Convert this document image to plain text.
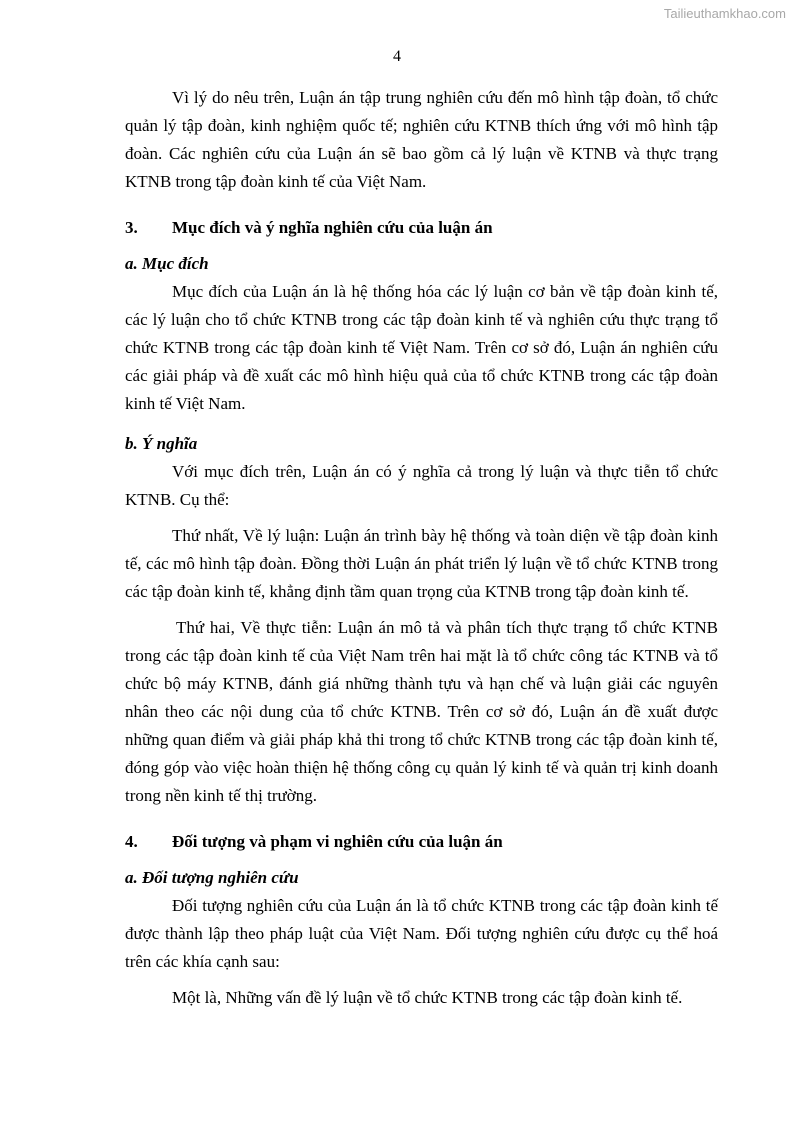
Tailieuthamkhao.com
4

Vì lý do nêu trên, Luận án tập trung nghiên cứu đến mô hình tập đoàn, tổ chức quản lý tập đoàn, kinh nghiệm quốc tế; nghiên cứu KTNB thích ứng với mô hình tập đoàn. Các nghiên cứu của Luận án sẽ bao gồm cả lý luận về KTNB và thực trạng KTNB trong tập đoàn kinh tế của Việt Nam.

3.	Mục đích và ý nghĩa nghiên cứu của luận án

a. Mục đích

Mục đích của Luận án là hệ thống hóa các lý luận cơ bản về tập đoàn kinh tế, các lý luận cho tổ chức KTNB trong các tập đoàn kinh tế và nghiên cứu thực trạng tổ chức KTNB trong các tập đoàn kinh tế Việt Nam. Trên cơ sở đó, Luận án nghiên cứu các giải pháp và đề xuất các mô hình hiệu quả của tổ chức KTNB trong các tập đoàn kinh tế Việt Nam.

b. Ý nghĩa

Với mục đích trên, Luận án có ý nghĩa cả trong lý luận và thực tiễn tổ chức KTNB. Cụ thể:

Thứ nhất, Về lý luận: Luận án trình bày hệ thống và toàn diện về tập đoàn kinh tế, các mô hình tập đoàn. Đồng thời Luận án phát triển lý luận về tổ chức KTNB trong các tập đoàn kinh tế, khẳng định tầm quan trọng của KTNB trong tập đoàn kinh tế.

Thứ hai, Về thực tiễn: Luận án mô tả và phân tích thực trạng tổ chức KTNB trong các tập đoàn kinh tế của Việt Nam trên hai mặt là tổ chức công tác KTNB và tổ chức bộ máy KTNB, đánh giá những thành tựu và hạn chế và luận giải các nguyên nhân theo các nội dung của tổ chức KTNB. Trên cơ sở đó, Luận án đề xuất được những quan điểm và giải pháp khả thi trong tổ chức KTNB trong các tập đoàn kinh tế, đóng góp vào việc hoàn thiện hệ thống công cụ quản lý kinh tế và quản trị kinh doanh trong nền kinh tế thị trường.

4.	Đối tượng và phạm vi nghiên cứu của luận án

a. Đối tượng nghiên cứu

Đối tượng nghiên cứu của Luận án là tổ chức KTNB trong các tập đoàn kinh tế được thành lập theo pháp luật của Việt Nam. Đối tượng nghiên cứu được cụ thể hoá trên các khía cạnh sau:

Một là, Những vấn đề lý luận về tổ chức KTNB trong các tập đoàn kinh tế.
